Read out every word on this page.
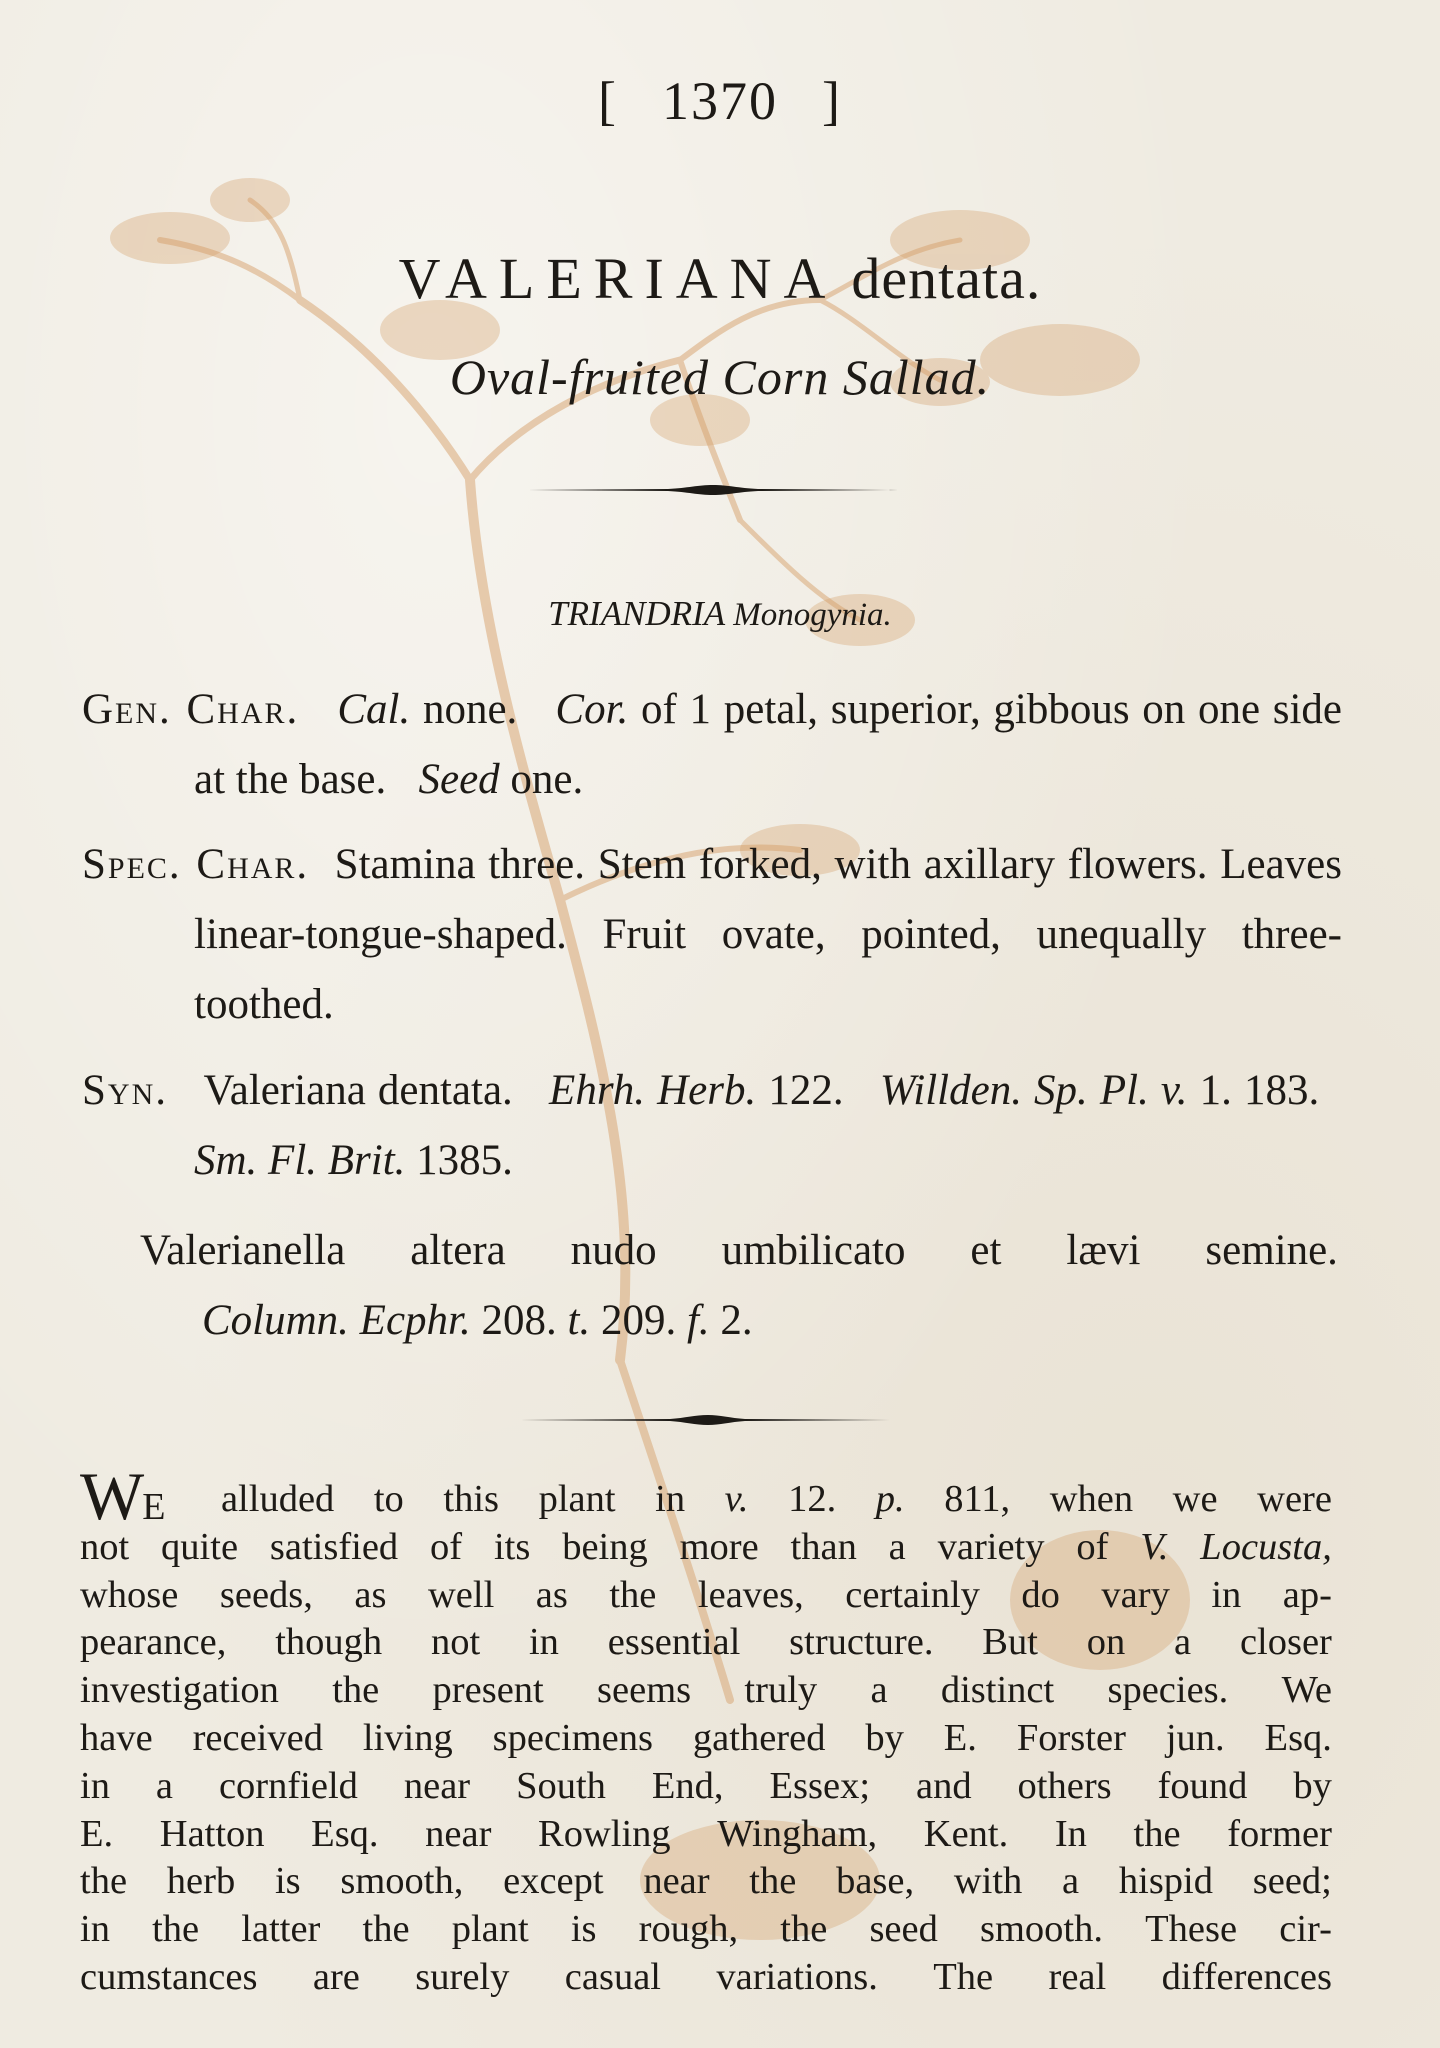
[ 1370 ]
VALERIANA dentata.
Oval-fruited Corn Sallad.
TRIANDRIA Monogynia.

Gen. Char. Cal. none. Cor. of 1 petal, superior, gibbous on one side at the base. Seed one.

Spec. Char. Stamina three. Stem forked, with axillary flowers. Leaves linear-tongue-shaped. Fruit ovate, pointed, unequally three-toothed.

Syn. Valeriana dentata. Ehrh. Herb. 122. Willden. Sp. Pl. v. 1. 183.   Sm. Fl. Brit. 1385.

Valerianella altera nudo umbilicato et lævi semine.
Column. Ecphr. 208. t. 209. f. 2.
WE	alluded to this plant in v. 12. p. 811, when we were
not quite satisfied of its being more than a variety of V. Locusta,
whose seeds, as well as the leaves, certainly do vary in ap-
pearance, though not in essential structure. But on a closer
investigation the present seems truly a distinct species. We
have received living specimens gathered by E. Forster jun. Esq.
in a cornfield near South End, Essex; and others found by
E. Hatton Esq. near Rowling Wingham, Kent. In the former
the herb is smooth, except near the base, with a hispid seed;
in the latter the plant is rough, the seed smooth. These cir-
cumstances are surely casual variations. The real differences
